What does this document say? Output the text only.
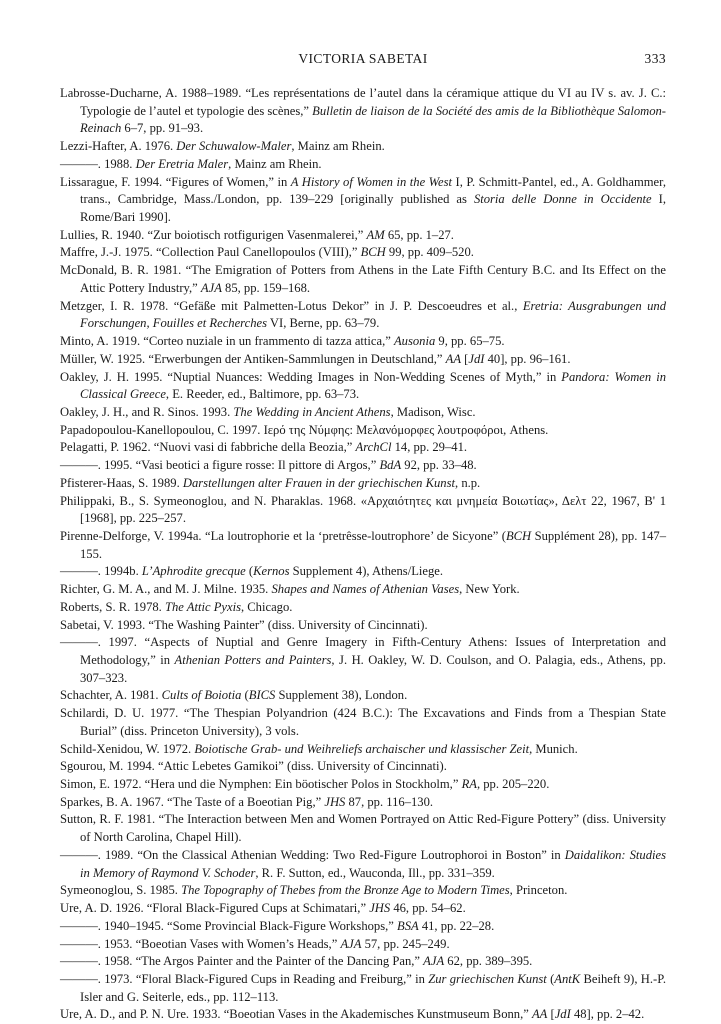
VICTORIA SABETAI	333

Labrosse-Ducharne, A. 1988–1989. “Les représentations de l’autel dans la céramique attique du VI au IV s. av. J. C.: Typologie de l’autel et typologie des scènes,” Bulletin de liaison de la Société des amis de la Bibliothèque Salomon-Reinach 6–7, pp. 91–93.

Lezzi-Hafter, A. 1976. Der Schuwalow-Maler, Mainz am Rhein.

———. 1988. Der Eretria Maler, Mainz am Rhein.

Lissarague, F. 1994. “Figures of Women,” in A History of Women in the West I, P. Schmitt-Pantel, ed., A. Goldhammer, trans., Cambridge, Mass./London, pp. 139–229 [originally published as Storia delle Donne in Occidente I, Rome/Bari 1990].

Lullies, R. 1940. “Zur boiotisch rotfigurigen Vasenmalerei,” AM 65, pp. 1–27.

Maffre, J.-J. 1975. “Collection Paul Canellopoulos (VIII),” BCH 99, pp. 409–520.

McDonald, B. R. 1981. “The Emigration of Potters from Athens in the Late Fifth Century B.C. and Its Effect on the Attic Pottery Industry,” AJA 85, pp. 159–168.

Metzger, I. R. 1978. “Gefäße mit Palmetten-Lotus Dekor” in J. P. Descoeudres et al., Eretria: Ausgrabungen und Forschungen, Fouilles et Recherches VI, Berne, pp. 63–79.

Minto, A. 1919. “Corteo nuziale in un frammento di tazza attica,” Ausonia 9, pp. 65–75.

Müller, W. 1925. “Erwerbungen der Antiken-Sammlungen in Deutschland,” AA [JdI 40], pp. 96–161.

Oakley, J. H. 1995. “Nuptial Nuances: Wedding Images in Non-Wedding Scenes of Myth,” in Pandora: Women in Classical Greece, E. Reeder, ed., Baltimore, pp. 63–73.

Oakley, J. H., and R. Sinos. 1993. The Wedding in Ancient Athens, Madison, Wisc.

Papadopoulou-Kanellopoulou, C. 1997. Ιερό της Νύμφης: Μελανόμορφες λουτροφόροι, Athens.

Pelagatti, P. 1962. “Nuovi vasi di fabbriche della Beozia,” ArchCl 14, pp. 29–41.

———. 1995. “Vasi beotici a figure rosse: Il pittore di Argos,” BdA 92, pp. 33–48.

Pfisterer-Haas, S. 1989. Darstellungen alter Frauen in der griechischen Kunst, n.p.

Philippaki, B., S. Symeonoglou, and N. Pharaklas. 1968. «Αρχαιότητες και μνημεία Βοιωτίας», Δελτ 22, 1967, Β' 1 [1968], pp. 225–257.

Pirenne-Delforge, V. 1994a. “La loutrophorie et la ‘pretrêsse-loutrophore’ de Sicyone” (BCH Supplément 28), pp. 147–155.

———. 1994b. L’Aphrodite grecque (Kernos Supplement 4), Athens/Liege.

Richter, G. M. A., and M. J. Milne. 1935. Shapes and Names of Athenian Vases, New York.

Roberts, S. R. 1978. The Attic Pyxis, Chicago.

Sabetai, V. 1993. “The Washing Painter” (diss. University of Cincinnati).

———. 1997. “Aspects of Nuptial and Genre Imagery in Fifth-Century Athens: Issues of Interpretation and Methodology,” in Athenian Potters and Painters, J. H. Oakley, W. D. Coulson, and O. Palagia, eds., Athens, pp. 307–323.

Schachter, A. 1981. Cults of Boiotia (BICS Supplement 38), London.

Schilardi, D. U. 1977. “The Thespian Polyandrion (424 B.C.): The Excavations and Finds from a Thespian State Burial” (diss. Princeton University), 3 vols.

Schild-Xenidou, W. 1972. Boiotische Grab- und Weihreliefs archaischer und klassischer Zeit, Munich.

Sgourou, M. 1994. “Attic Lebetes Gamikoi” (diss. University of Cincinnati).

Simon, E. 1972. “Hera und die Nymphen: Ein böotischer Polos in Stockholm,” RA, pp. 205–220.

Sparkes, B. A. 1967. “The Taste of a Boeotian Pig,” JHS 87, pp. 116–130.

Sutton, R. F. 1981. “The Interaction between Men and Women Portrayed on Attic Red-Figure Pottery” (diss. University of North Carolina, Chapel Hill).

———. 1989. “On the Classical Athenian Wedding: Two Red-Figure Loutrophoroi in Boston” in Daidalikon: Studies in Memory of Raymond V. Schoder, R. F. Sutton, ed., Wauconda, Ill., pp. 331–359.

Symeonoglou, S. 1985. The Topography of Thebes from the Bronze Age to Modern Times, Princeton.

Ure, A. D. 1926. “Floral Black-Figured Cups at Schimatari,” JHS 46, pp. 54–62.

———. 1940–1945. “Some Provincial Black-Figure Workshops,” BSA 41, pp. 22–28.

———. 1953. “Boeotian Vases with Women’s Heads,” AJA 57, pp. 245–249.

———. 1958. “The Argos Painter and the Painter of the Dancing Pan,” AJA 62, pp. 389–395.

———. 1973. “Floral Black-Figured Cups in Reading and Freiburg,” in Zur griechischen Kunst (AntK Beiheft 9), H.-P. Isler and G. Seiterle, eds., pp. 112–113.

Ure, A. D., and P. N. Ure. 1933. “Boeotian Vases in the Akademisches Kunstmuseum Bonn,” AA [JdI 48], pp. 2–42.
